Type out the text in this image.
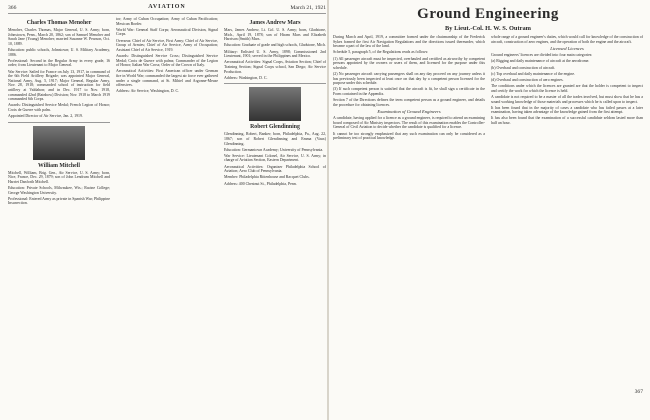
366	AVIATION	March 21, 1921
Charles Thomas Menoher

Menoher, Charles Thomas, Major General, U. S. Army; born, Johnstown, Penn., March 20, 1862; son of Samuel Menoher and Sarah Jane (Young) Menoher; married Susanne W. Pearson, Oct. 10, 1889.

Education: public schools, Johnstown; U. S. Military Academy, 1886.

Professional: Second in the Regular Army in every grade, 16 order; from Lieutenant to Major General.

War Service: Sailed for France on July 13, 1917, in command of the 6th Field Artillery Brigade; was appointed Major General, National Army, Aug. 5, 1917; Major General, Regular Army, Nov. 28, 1918; commanded school of instruction for field artillery at Valdahon; and in Dec. 1917 to Nov. 1918, commanded 42nd (Rainbow) Division; Nov. 1918 to March 1919 commanded 6th Corps.

Awards: Distinguished Service Medal; French Legion of Honor; Croix de Guerre with palm.

Appointed Director of Air Service, Jan. 2, 1919.

William Mitchell

Mitchell, William, Brig. Gen., Air Service, U. S. Army; born, Nice, France, Dec. 29, 1879; son of John Lendrum Mitchell and Harriet Danforth Mitchell.

Education: Private Schools, Milwaukee, Wis.; Racine College; George Washington University.

Professional: Entered Army as private in Spanish War; Philippine Insurrection.

tor; Army of Cuban Occupation; Army of Cuban Pacification; Mexican Border.

World War: General Staff Corps; Aeronautical Division, Signal Corps.

Overseas: Chief of Air Service, First Army; Chief of Air Service, Group of Armies; Chief of Air Service, Army of Occupation; Assistant Chief of Air Service, 1919.

Awards: Distinguished Service Cross; Distinguished Service Medal; Croix de Guerre with palms; Commander of the Legion of Honor; Italian War Cross; Order of the Crown of Italy.

Aeronautical Activities: First American officer under German fire in World War; commanded the largest air force ever gathered under a single command, at St. Mihiel and Argonne-Meuse offensives.

Address: Air Service, Washington, D. C.

James Andrew Mars

Mars, James Andrew, Lt. Col. U. S. Army; born, Gladstone, Mich., April 19, 1878; son of Hiram Mars and Elizabeth Harrison (Smith) Mars.

Education: Graduate of grade and high schools, Gladstone, Mich.

Military: Enlisted U. S. Army, 1898; Commissioned 2nd Lieutenant, 1901; served in the Philippines and Mexico.

Aeronautical Activities: Signal Corps, Aviation Section; Chief of Training Section; Signal Corps school, San Diego; Air Service Production.

Address: Washington, D. C.

Robert Glendinning

Glendinning, Robert, Banker; born, Philadelphia, Pa., Aug. 22, 1867; son of Robert Glendinning and Emma (Vaux) Glendinning.

Education: Germantown Academy; University of Pennsylvania.

War Service: Lieutenant Colonel, Air Service, U. S. Army; in charge of Aviation Section, Eastern Department.

Aeronautical Activities: Organizer Philadelphia School of Aviation; Aero Club of Pennsylvania.

Member: Philadelphia Rittenhouse and Racquet Clubs.

Address: 400 Chestnut St., Philadelphia, Penn.

Ground Engineering
By Lieut.-Col. H. W. S. Outram

During March and April, 1919, a committee formed under the chairmanship of the Frederick Sykes framed the first Air Navigation Regulations and the directions issued thereunder, which became a part of the law of the land.

Schedule 5, paragraph 5, of the Regulations reads as follows:

(1) All passenger aircraft must be inspected, overhauled and certified as airworthy by competent persons appointed by the owners or users of them, and licensed for the purpose under this schedule.

(2) No passenger aircraft carrying passengers shall on any day proceed on any journey unless it has previously been inspected at least once on that day by a competent person licensed for the purpose under this schedule.

(3) If such competent person is satisfied that the aircraft is fit, he shall sign a certificate in the Form contained in the Appendix.

Section 7 of the Directions defines the term competent person as a ground engineer, and details the procedure for obtaining licences.

Examination of Ground Engineers

A candidate, having applied for a licence as a ground engineer, is required to attend an examining board composed of Air Ministry inspectors. The result of this examination enables the Controller-General of Civil Aviation to decide whether the candidate is qualified for a licence.

It cannot be too strongly emphasized that any such examination can only be considered as a preliminary test of practical knowledge.

whole range of a ground engineer's duties, which would call for knowledge of the construction of aircraft, construction of aero engines, and the operation of both the engine and the aircraft.

Licensed Licences

Ground engineers' licences are divided into four main categories:

(a) Rigging and daily maintenance of aircraft at the aerodrome.

(b) Overhaul and construction of aircraft.

(c) Top overhaul and daily maintenance of the engine.

(d) Overhaul and construction of aero engines.

The conditions under which the licences are granted are that the holder is competent to inspect and certify the work for which the licence is held.

A candidate is not required to be a master of all the trades involved, but must show that he has a sound working knowledge of those materials and processes which he is called upon to inspect.

It has been found that in the majority of cases a candidate who has failed passes at a later examination, having taken advantage of the knowledge gained from the first attempt.

It has also been found that the examination of a successful candidate seldom lasted more than half an hour.

367
